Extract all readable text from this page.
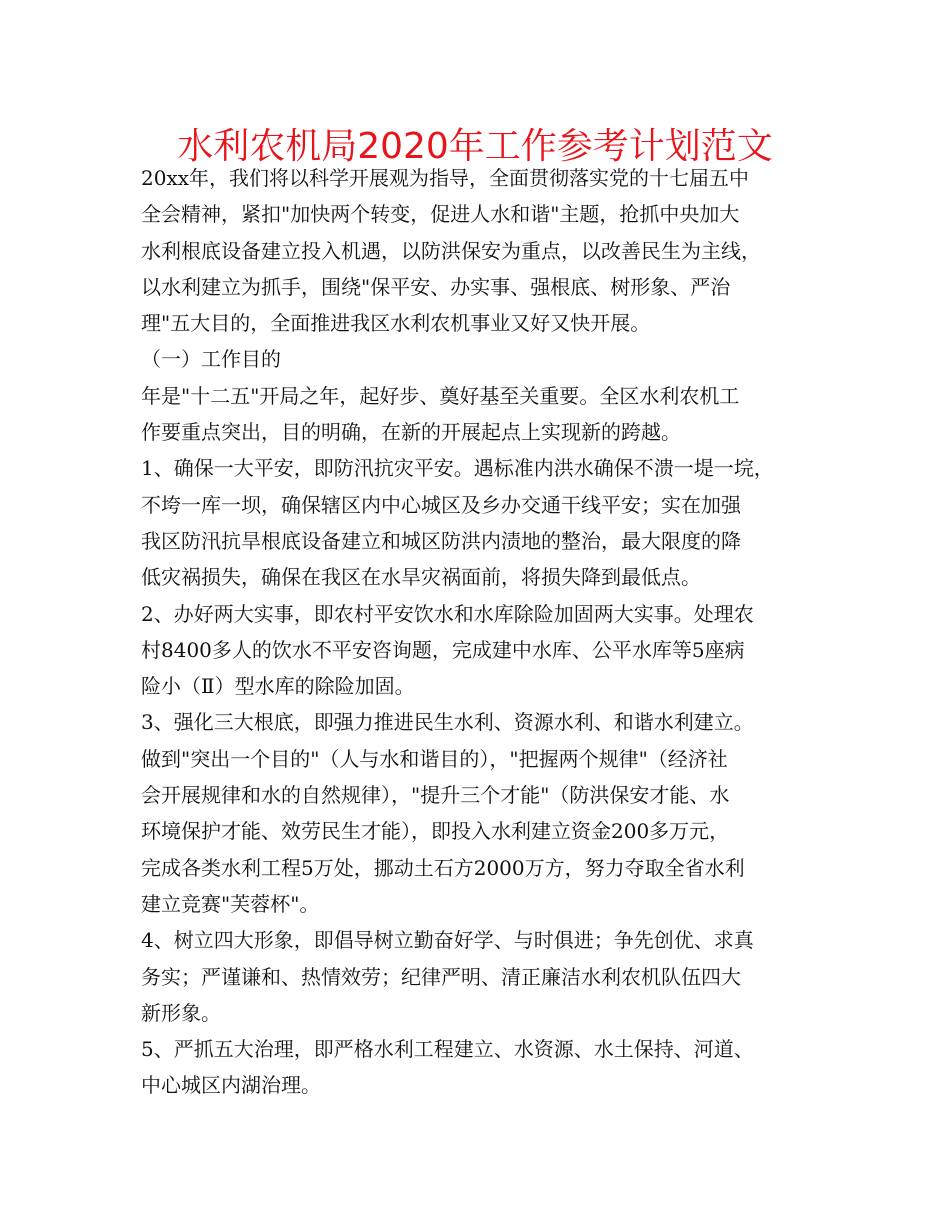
水利农机局2020年工作参考计划范文
20xx年，我们将以科学开展观为指导，全面贯彻落实党的十七届五中
全会精神，紧扣"加快两个转变，促进人水和谐"主题，抢抓中央加大
水利根底设备建立投入机遇，以防洪保安为重点，以改善民生为主线，
以水利建立为抓手，围绕"保平安、办实事、强根底、树形象、严治
理"五大目的，全面推进我区水利农机事业又好又快开展。
（一）工作目的
年是"十二五"开局之年，起好步、奠好基至关重要。全区水利农机工
作要重点突出，目的明确，在新的开展起点上实现新的跨越。
1、确保一大平安，即防汛抗灾平安。遇标准内洪水确保不溃一堤一垸，
不垮一库一坝，确保辖区内中心城区及乡办交通干线平安；实在加强
我区防汛抗旱根底设备建立和城区防洪内渍地的整治，最大限度的降
低灾祸损失，确保在我区在水旱灾祸面前，将损失降到最低点。
2、办好两大实事，即农村平安饮水和水库除险加固两大实事。处理农
村8400多人的饮水不平安咨询题，完成建中水库、公平水库等5座病
险小（Ⅱ）型水库的除险加固。
3、强化三大根底，即强力推进民生水利、资源水利、和谐水利建立。
做到"突出一个目的"（人与水和谐目的），"把握两个规律"（经济社
会开展规律和水的自然规律），"提升三个才能"（防洪保安才能、水
环境保护才能、效劳民生才能），即投入水利建立资金200多万元，
完成各类水利工程5万处，挪动土石方2000万方，努力夺取全省水利
建立竞赛"芙蓉杯"。
4、树立四大形象，即倡导树立勤奋好学、与时俱进；争先创优、求真
务实；严谨谦和、热情效劳；纪律严明、清正廉洁水利农机队伍四大
新形象。
5、严抓五大治理，即严格水利工程建立、水资源、水土保持、河道、
中心城区内湖治理。
